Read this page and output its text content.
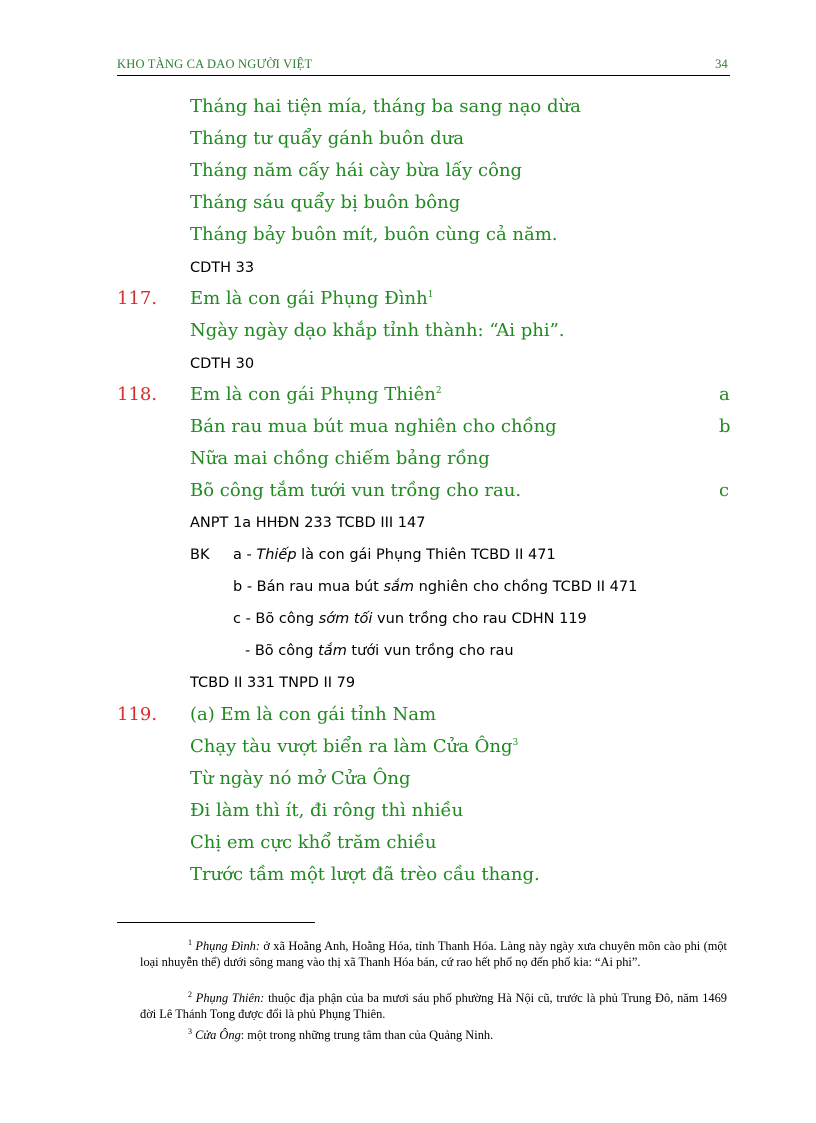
KHO TÀNG CA DAO NGƯỜI VIỆT	34
Tháng hai tiện mía, tháng ba sang nạo dừa
Tháng tư quẩy gánh buôn dưa
Tháng năm cấy hái cày bừa lấy công
Tháng sáu quẩy bị buôn bông
Tháng bảy buôn mít, buôn cùng cả năm.
CDTH 33
117. Em là con gái Phụng Đình$^1$
Ngày ngày dạo khắp tỉnh thành: “Ai phi”.
CDTH 30
118. Em là con gái Phụng Thiên$^2$	a
Bán rau mua bút mua nghiên cho chồng	b
Nữa mai chồng chiếm bảng rồng
Bõ công tắm tưới vun trồng cho rau.	c
ANPT 1a HHĐN 233 TCBD III 147
BK a - Thiếp là con gái Phụng Thiên TCBD II 471
b - Bán rau mua bút sắm nghiên cho chồng TCBD II 471
c - Bõ công sớm tối vun trồng cho rau CDHN 119
- Bõ công tắm tưới vun trồng cho rau
TCBD II 331 TNPD II 79
119. (a) Em là con gái tỉnh Nam
Chạy tàu vượt biển ra làm Cửa Ông$^3$
Từ ngày nó mở Cửa Ông
Đi làm thì ít, đi rông thì nhiều
Chị em cực khổ trăm chiều
Trước tầm một lượt đã trèo cầu thang.
$^1$ Phụng Đình: ở xã Hoằng Anh, Hoằng Hóa, tỉnh Thanh Hóa. Làng này ngày xưa chuyên môn cào phi (một loại nhuyễn thể) dưới sông mang vào thị xã Thanh Hóa bán, cứ rao hết phố nọ đến phố kia: “Ai phi”.
$^2$ Phụng Thiên: thuộc địa phận của ba mươi sáu phố phường Hà Nội cũ, trước là phủ Trung Đô, năm 1469 đời Lê Thánh Tong được đổi là phủ Phụng Thiên.
$^3$ Cửa Ông: một trong những trung tâm than của Quảng Ninh.
